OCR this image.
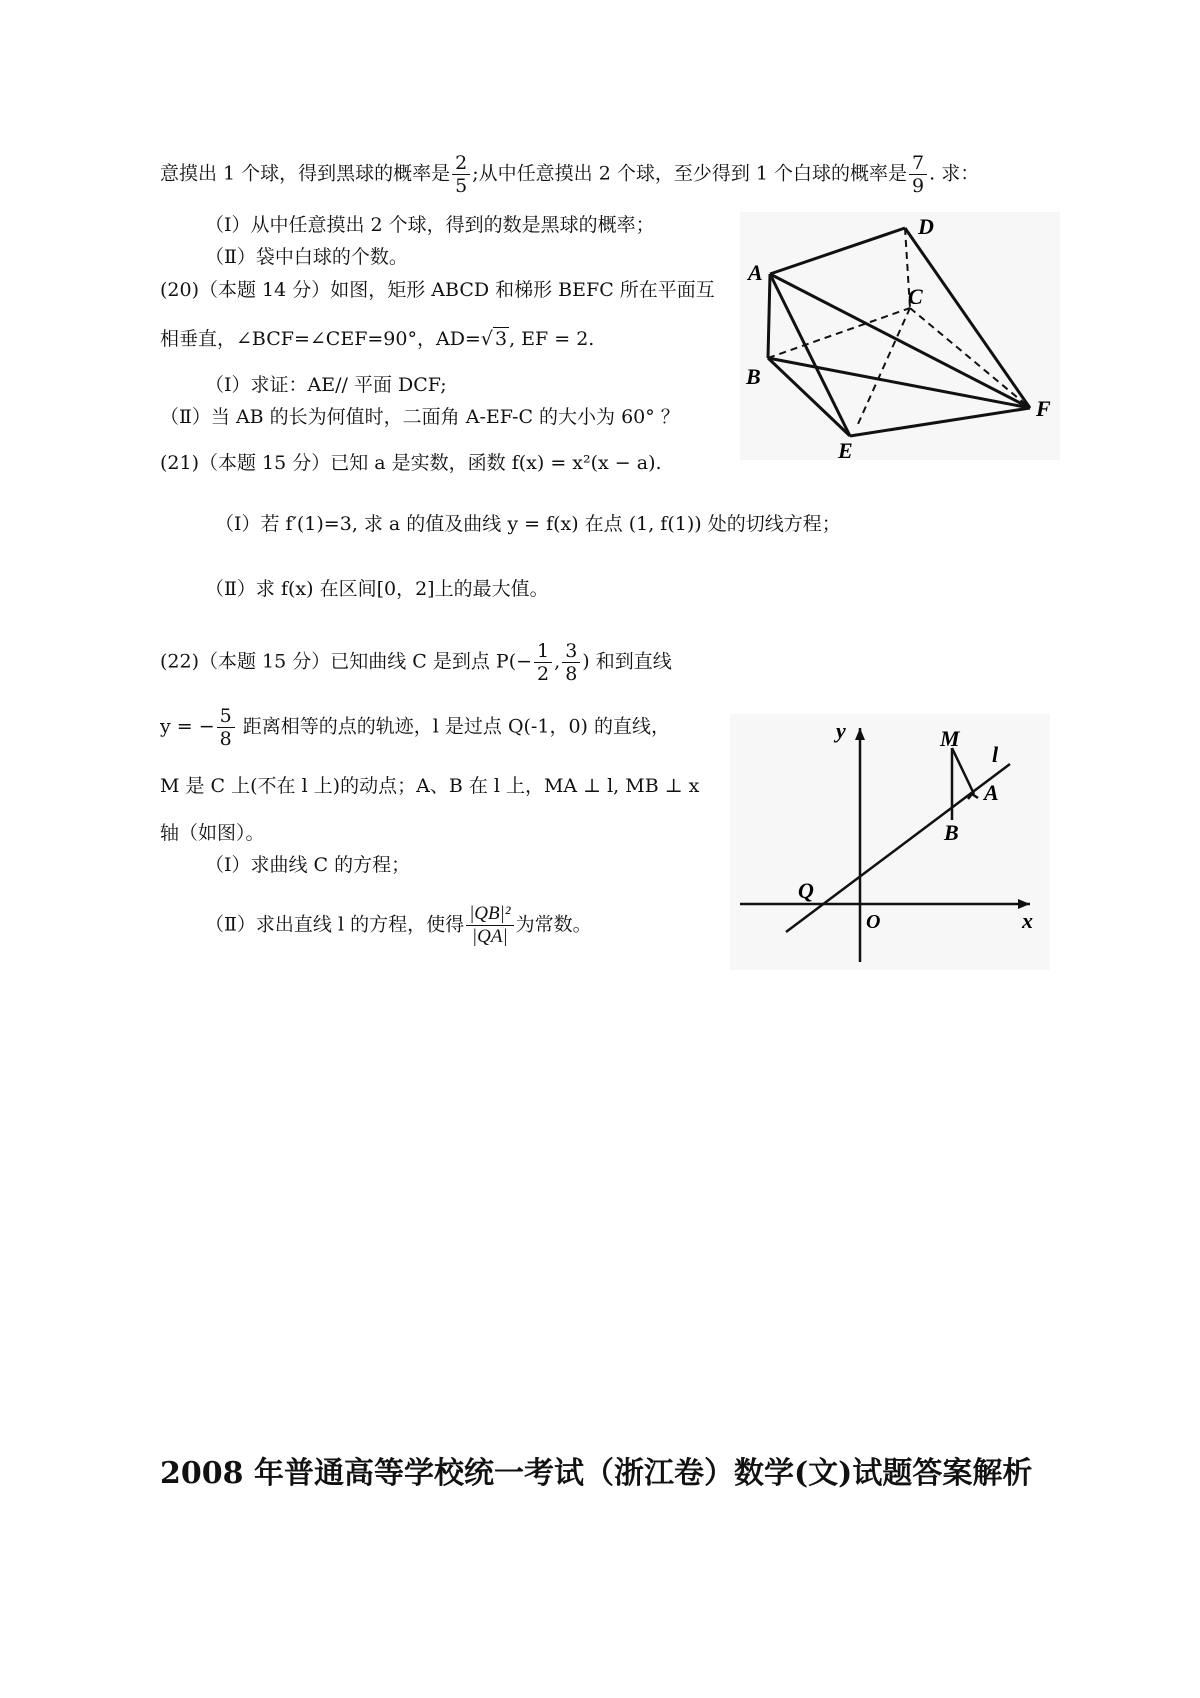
意摸出 1 个球，得到黑球的概率是 $\frac{2}{5}$ ;从中任意摸出 2 个球，至少得到 1 个白球的概率是 $\frac{7}{9}$ . 求：
（Ⅰ）从中任意摸出 2 个球，得到的数是黑球的概率；
（Ⅱ）袋中白球的个数。
(20)（本题 14 分）如图，矩形 ABCD 和梯形 BEFC 所在平面互
相垂直，∠BCF=∠CEF=90°，AD=√ 3 , EF = 2.
（Ⅰ）求证：AE// 平面 DCF;
（Ⅱ）当 AB 的长为何值时，二面角 A-EF-C 的大小为 60° ？
(21)（本题 15 分）已知 a 是实数，函数 f(x) = x²(x − a).
（Ⅰ）若 f′(1)=3, 求 a 的值及曲线 y = f(x) 在点 (1, f(1)) 处的切线方程；
（Ⅱ）求 f(x) 在区间[0，2]上的最大值。
(22)（本题 15 分）已知曲线 C 是到点 $P(- \frac{1}{2}$ , $\frac{3}{8}$ ) 和到直线
y = − $\frac{5}{8}$ 距离相等的点的轨迹，l 是过点 Q(-1，0) 的直线，
M 是 C 上(不在 l 上)的动点；A、B 在 l 上，MA ⊥ l, MB ⊥ x
轴（如图）。
（Ⅰ）求曲线 C 的方程；
（Ⅱ）求出直线 l 的方程，使得 $\frac{\text{|QB|²}}{|QA|}$ 为常数。
A
D
C
B
E
F
y
x
O
Q
M
A
B
l
2008 年普通高等学校统一考试（浙江卷）数学(文)试题答案解析
